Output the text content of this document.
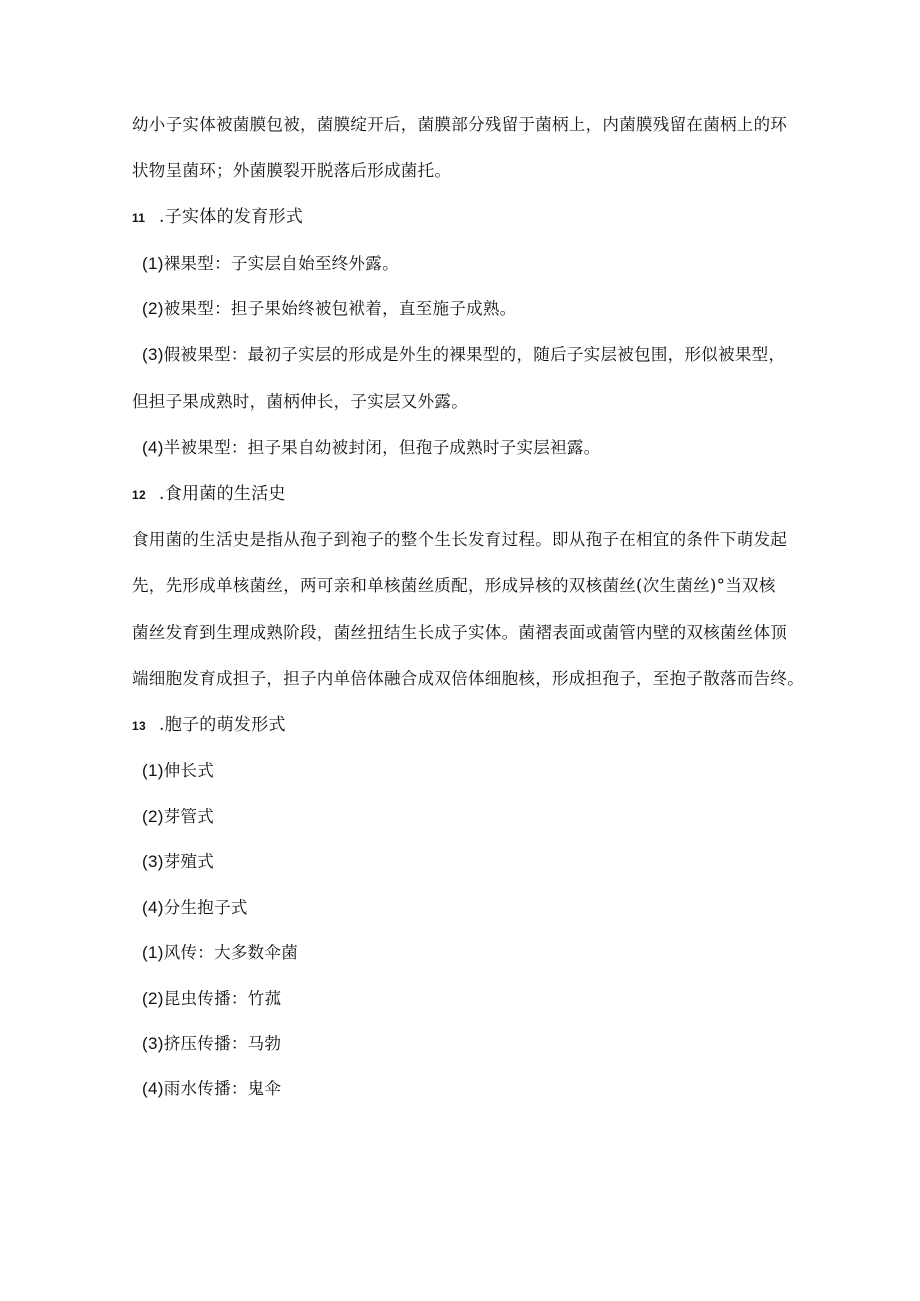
幼小子实体被菌膜包被，菌膜绽开后，菌膜部分残留于菌柄上，内菌膜残留在菌柄上的环
状物呈菌环；外菌膜裂开脱落后形成菌托。
11 .子实体的发育形式
(1)裸果型：子实层自始至终外露。
(2)被果型：担子果始终被包袱着，直至施子成熟。
(3)假被果型：最初子实层的形成是外生的裸果型的，随后子实层被包围，形似被果型，
但担子果成熟时，菌柄伸长，子实层又外露。
(4)半被果型：担子果自幼被封闭，但孢子成熟时子实层袒露。
12 .食用菌的生活史
食用菌的生活史是指从孢子到袍子的整个生长发育过程。即从孢子在相宜的条件下萌发起
先，先形成单核菌丝，两可亲和单核菌丝质配，形成异核的双核菌丝(次生菌丝)°当双核
菌丝发育到生理成熟阶段，菌丝扭结生长成子实体。菌褶表面或菌管内壁的双核菌丝体顶
端细胞发育成担子，担子内单倍体融合成双倍体细胞核，形成担孢子，至抱子散落而告终。
13 .胞子的萌发形式
(1)伸长式
(2)芽管式
(3)芽殖式
(4)分生抱子式
(1)风传：大多数伞菌
(2)昆虫传播：竹菰
(3)挤压传播：马勃
(4)雨水传播：鬼伞
